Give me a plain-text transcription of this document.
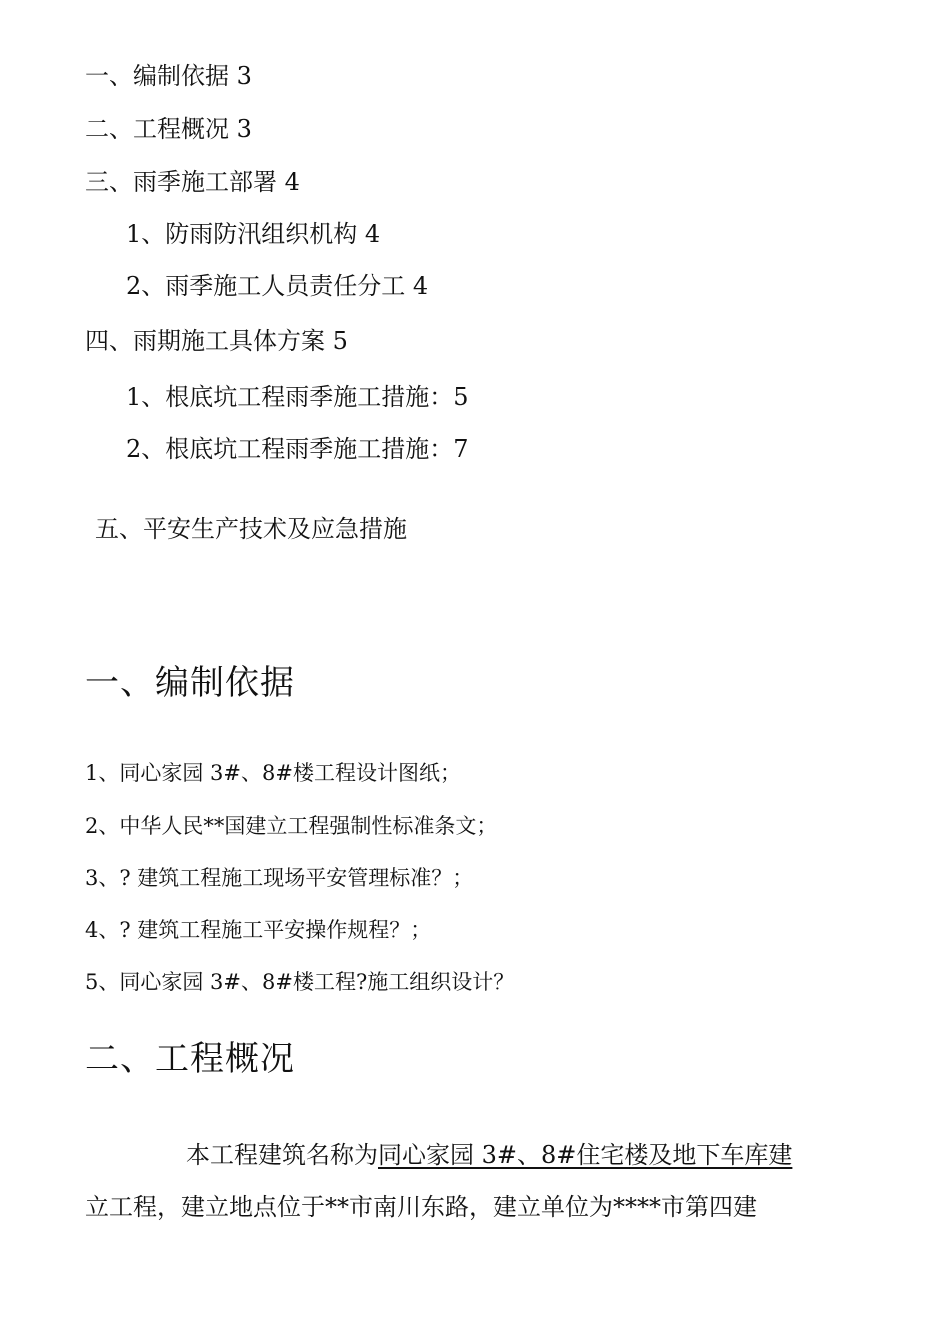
一、编制依据 3
二、工程概况 3
三、雨季施工部署 4
1、防雨防汛组织机构 4
2、雨季施工人员责任分工 4
四、雨期施工具体方案 5
1、根底坑工程雨季施工措施：5
2、根底坑工程雨季施工措施：7
五、平安生产技术及应急措施
一、编制依据
1、同心家园 3#、8#楼工程设计图纸；
2、中华人民**国建立工程强制性标准条文；
3、? 建筑工程施工现场平安管理标准？；
4、? 建筑工程施工平安操作规程？；
5、同心家园 3#、8#楼工程?施工组织设计？
二、工程概况
本工程建筑名称为同心家园 3#、8#住宅楼及地下车库建
立工程，建立地点位于**市南川东路，建立单位为****市第四建
